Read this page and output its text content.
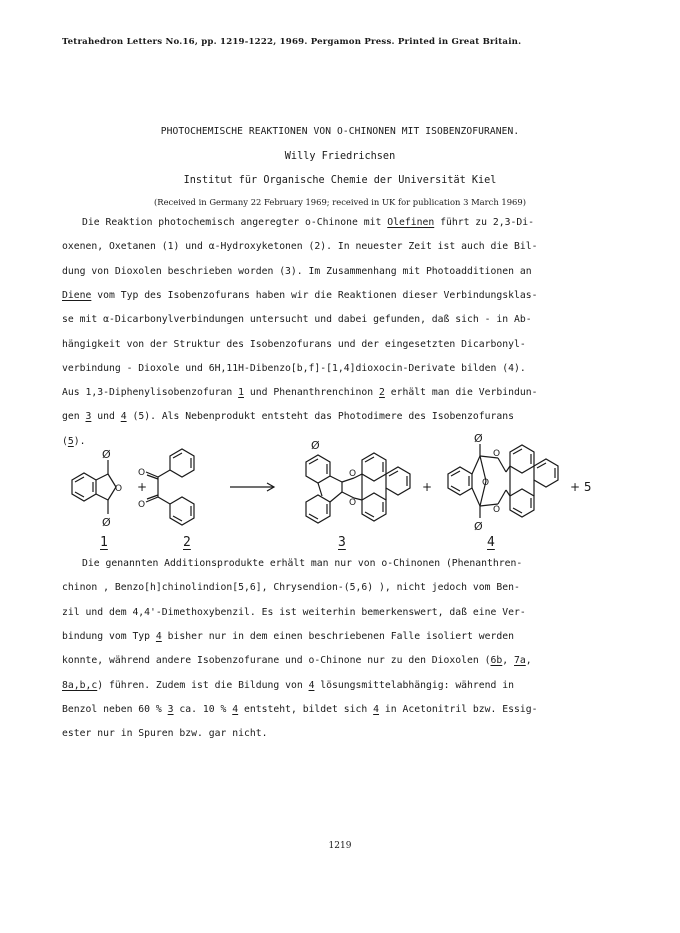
Tetrahedron Letters No.16, pp. 1219-1222, 1969. Pergamon Press. Printed in Great Britain.
PHOTOCHEMISCHE REAKTIONEN VON O-CHINONEN MIT ISOBENZOFURANEN.
Willy Friedrichsen
Institut für Organische Chemie der Universität Kiel
(Received in Germany 22 February 1969; received in UK for publication 3 March 1969)
Die Reaktion photochemisch angeregter o-Chinone mit Olefinen führt zu 2,3-Di-
oxenen, Oxetanen (1) und α-Hydroxyketonen (2). In neuester Zeit ist auch die Bil-
dung von Dioxolen beschrieben worden (3). Im Zusammenhang mit Photoadditionen an
Diene vom Typ des Isobenzofurans haben wir die Reaktionen dieser Verbindungsklas-
se mit α-Dicarbonylverbindungen untersucht und dabei gefunden, daß sich - in Ab-
hängigkeit von der Struktur des Isobenzofurans und der eingesetzten Dicarbonyl-
verbindung - Dioxole und 6H,11H-Dibenzo[b,f]-[1,4]dioxocin-Derivate bilden (4).
Aus 1,3-Diphenylisobenzofuran 1 und Phenanthrenchinon 2 erhält man die Verbindun-
gen 3 und 4 (5). Als Nebenprodukt entsteht das Photodimere des Isobenzofurans
(5).
Ø
Ø
O +
O
O
Ø
O
O
+
Ø
Ø
O
O
O
+ 5
1	2	3	4
Die genannten Additionsprodukte erhält man nur von o-Chinonen (Phenanthren-
chinon , Benzo[h]chinolindion[5,6], Chrysendion-(5,6) ), nicht jedoch vom Ben-
zil und dem 4,4'-Dimethoxybenzil. Es ist weiterhin bemerkenswert, daß eine Ver-
bindung vom Typ 4 bisher nur in dem einen beschriebenen Falle isoliert werden
konnte, während andere Isobenzofurane und o-Chinone nur zu den Dioxolen (6b, 7a,
8a,b,c) führen. Zudem ist die Bildung von 4 lösungsmittelabhängig: während in
Benzol neben 60 % 3 ca. 10 % 4 entsteht, bildet sich 4 in Acetonitril bzw. Essig-
ester nur in Spuren bzw. gar nicht.
1219
